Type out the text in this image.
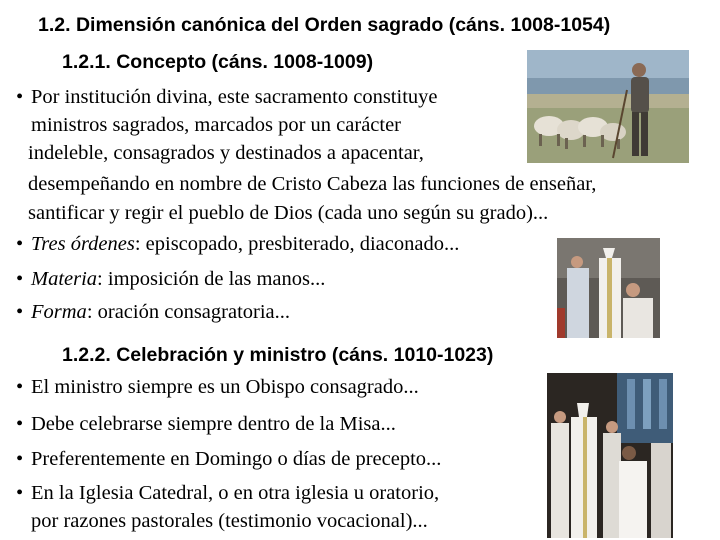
1.2. Dimensión canónica del Orden sagrado (cáns. 1008-1054)
1.2.1. Concepto (cáns. 1008-1009)
• Por institución divina, este sacramento constituye
ministros sagrados, marcados por un carácter
indeleble, consagrados y destinados a apacentar,
desempeñando en nombre de Cristo Cabeza las funciones de enseñar,
santificar y regir el pueblo de Dios (cada uno según su grado)...
• Tres órdenes: episcopado, presbiterado, diaconado...
• Materia: imposición de las manos...
• Forma: oración consagratoria...
1.2.2. Celebración y ministro (cáns. 1010-1023)
• El ministro siempre es un Obispo consagrado...
• Debe celebrarse siempre dentro de la Misa...
• Preferentemente en Domingo o días de precepto...
• En la Iglesia Catedral, o en otra iglesia u oratorio,
por razones pastorales (testimonio vocacional)...
